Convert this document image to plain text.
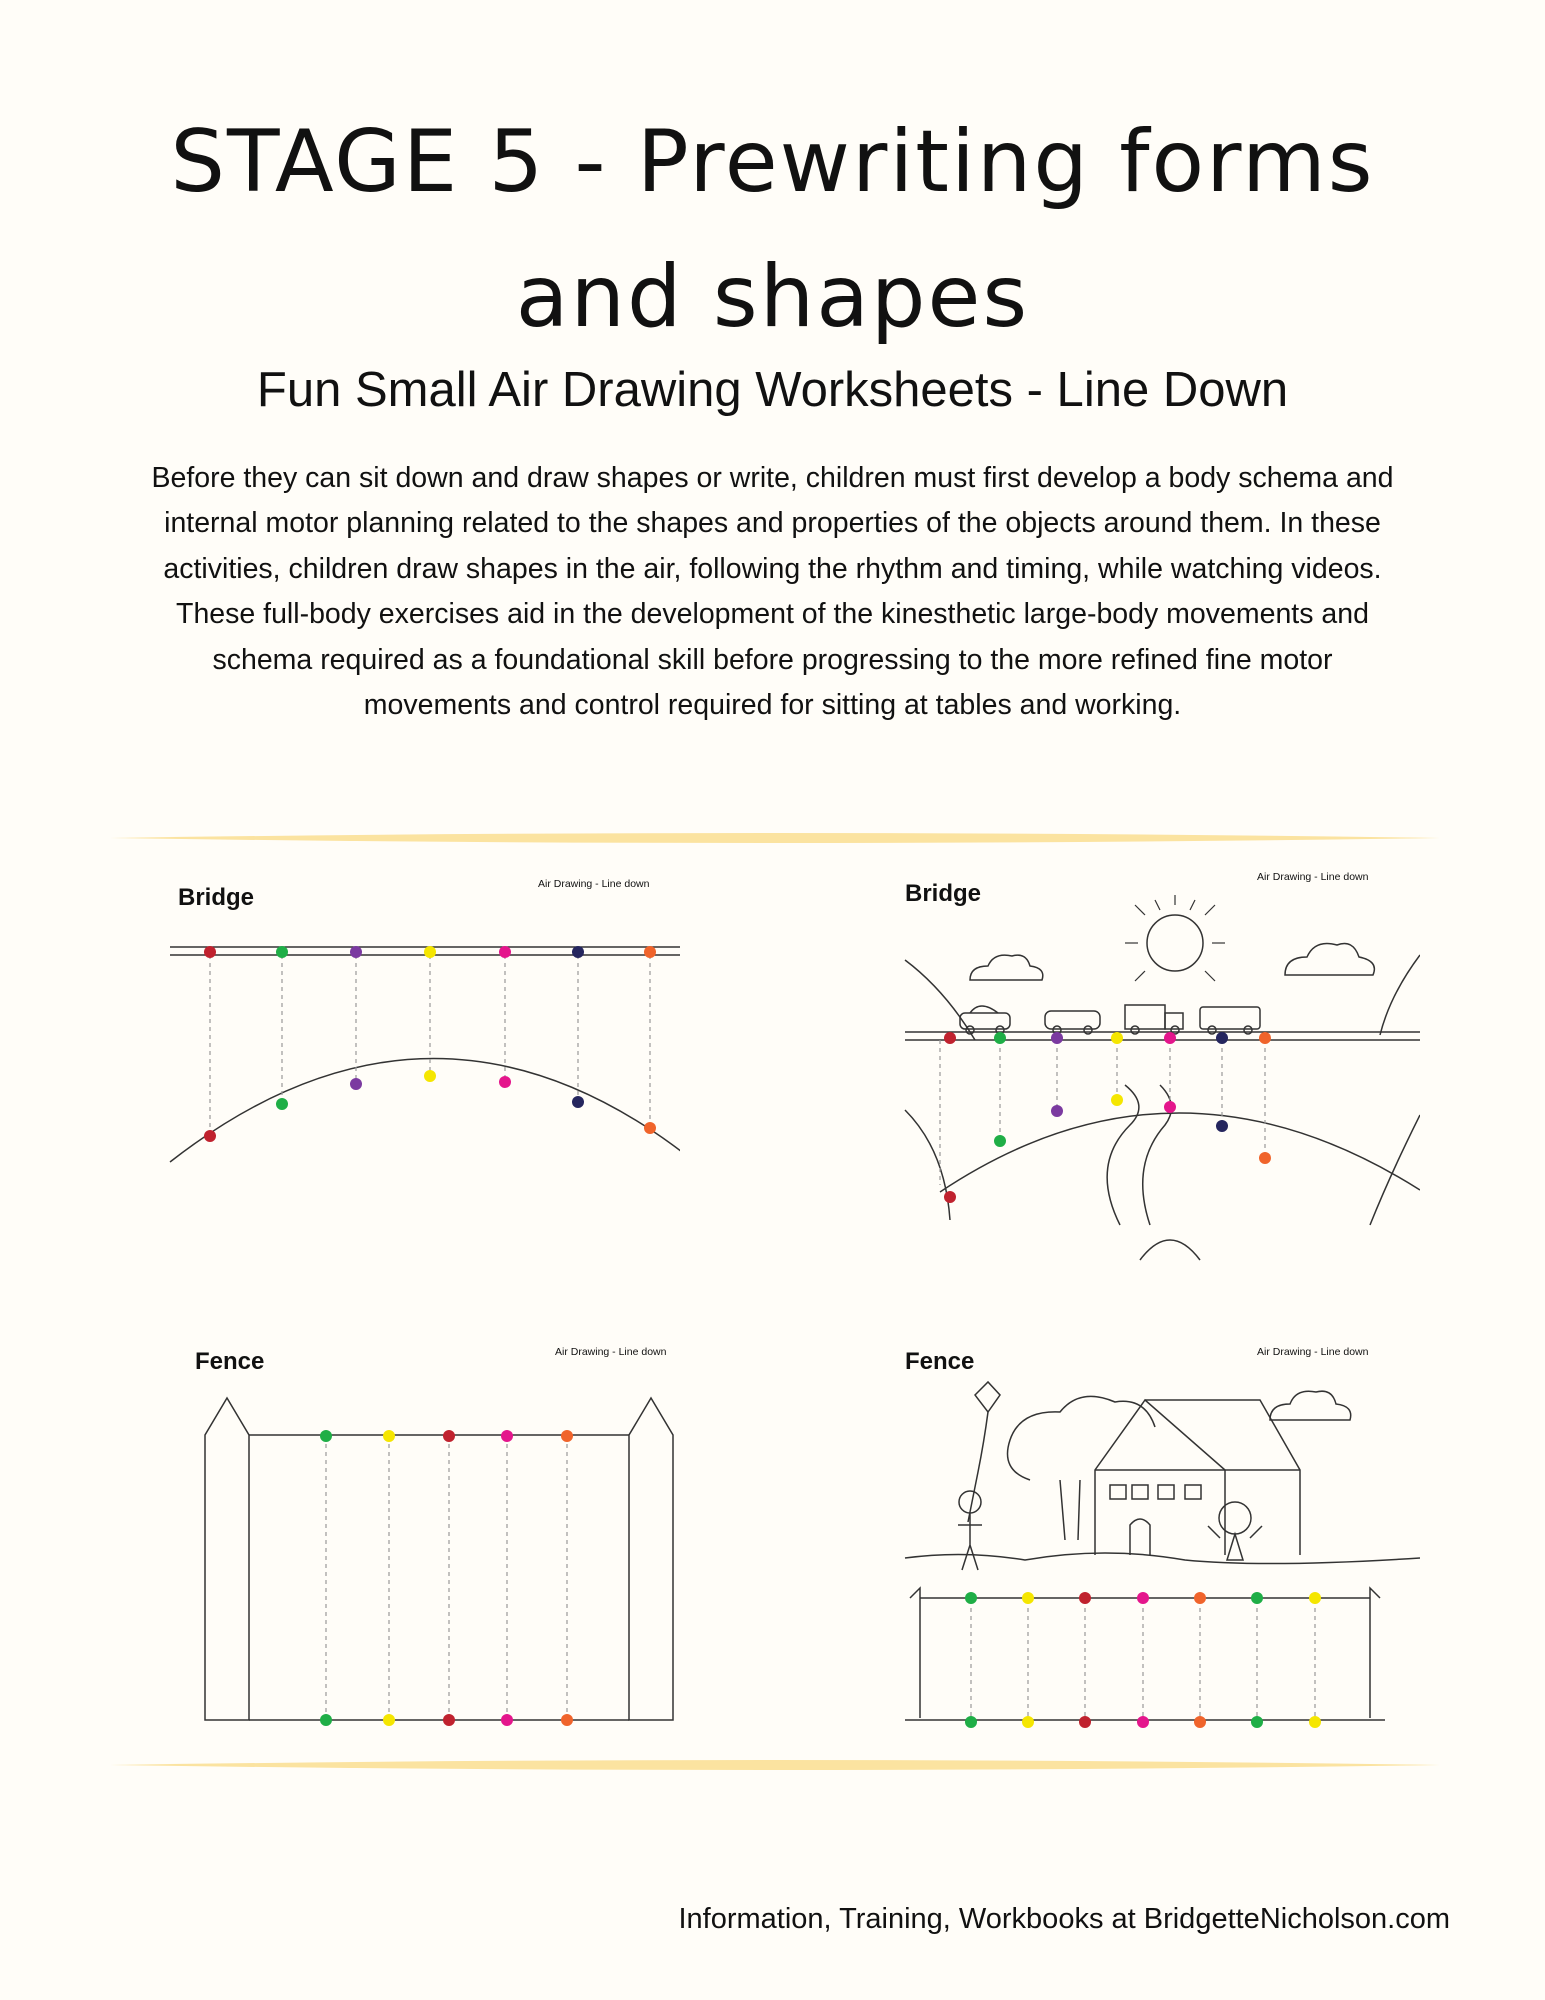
STAGE 5 - Prewriting forms
and shapes
Fun Small Air Drawing Worksheets - Line Down

Before they can sit down and draw shapes or write, children must first develop a body schema and internal motor planning related to the shapes and properties of the objects around them. In these activities, children draw shapes in the air, following the rhythm and timing, while watching videos. These full-body exercises aid in the development of the kinesthetic large-body movements and schema required as a foundational skill before progressing to the more refined fine motor movements and control required for sitting at tables and working.

Bridge	Air Drawing - Line down	Bridge
Air Drawing - Line down
Fence	Air Drawing - Line down	Fence	Air Drawing - Line down

Information, Training, Workbooks at BridgetteNicholson.com
